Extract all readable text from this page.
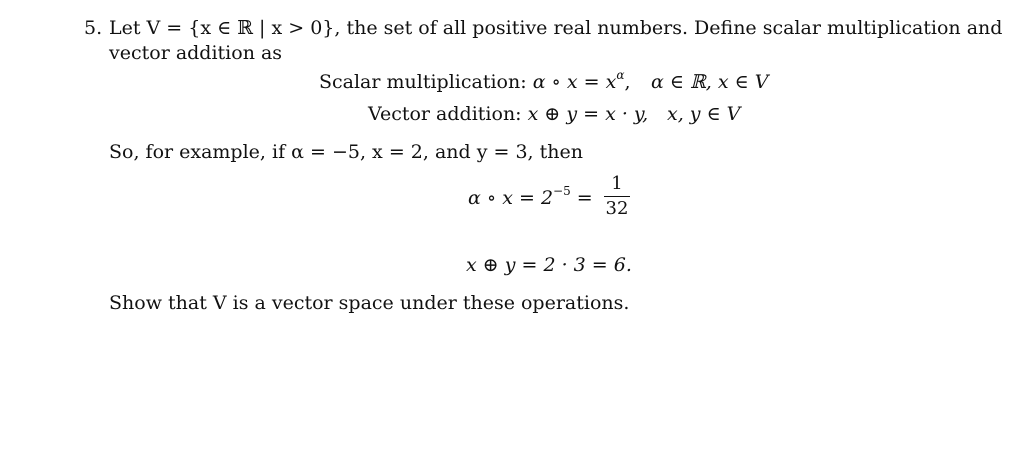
5. Let V = {x ∈ ℝ | x > 0}, the set of all positive real numbers. Define scalar multiplication and
vector addition as
Scalar multiplication: α ∘ $x = x^\alpha$, α ∈ ℝ, x ∈ V
Vector addition: x ⊕ y = x · y, x, y ∈ V
So, for example, if α = −5, x = 2, and y = 3, then
α ∘ $x = 2^{-5}$ =
1
32
x ⊕ y = 2 · 3 = 6.
Show that V is a vector space under these operations.
